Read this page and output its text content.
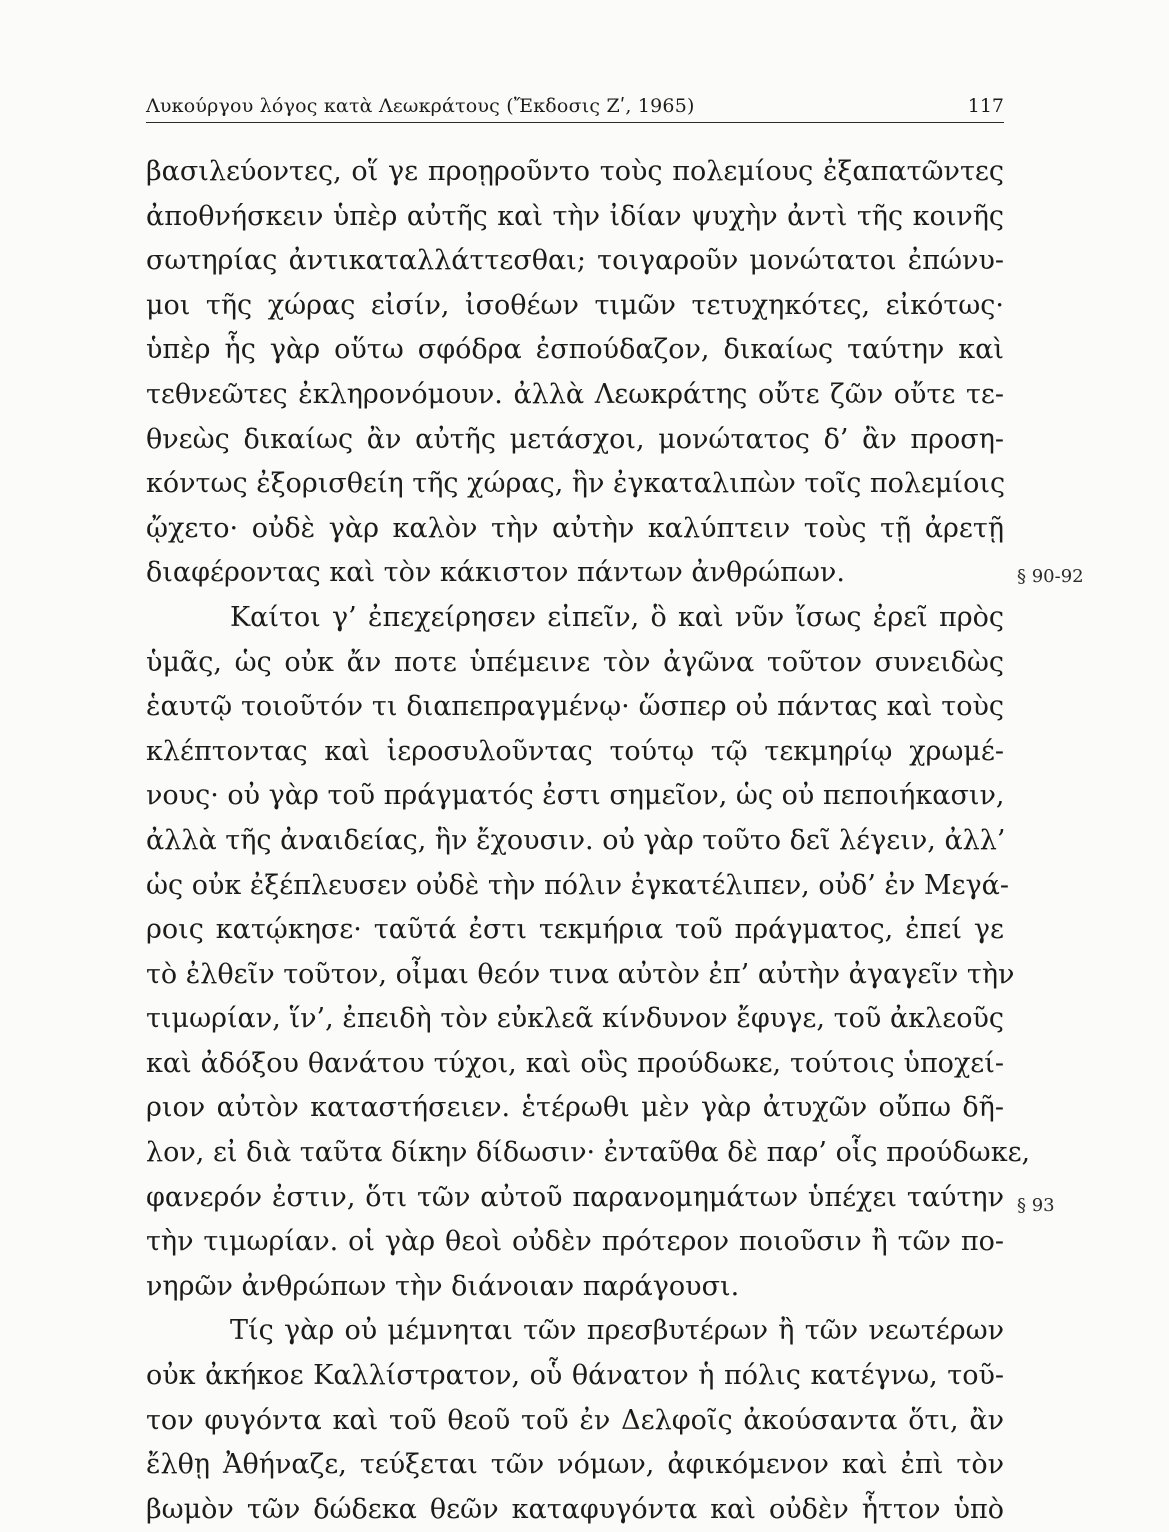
Λυκούργου λόγος κατὰ Λεωκράτους (Ἔκδοσις Ζʹ, 1965)	117
βασιλεύοντες, οἵ γε προῃροῦντο τοὺς πολεμίους ἐξαπατῶντες
ἀποθνήσκειν ὑπὲρ αὐτῆς καὶ τὴν ἰδίαν ψυχὴν ἀντὶ τῆς κοινῆς
σωτηρίας ἀντικαταλλάττεσθαι; τοιγαροῦν μονώτατοι ἐπώνυ-
μοι τῆς χώρας εἰσίν, ἰσοθέων τιμῶν τετυχηκότες, εἰκότως·
ὑπὲρ ἧς γὰρ οὕτω σφόδρα ἐσπούδαζον, δικαίως ταύτην καὶ
τεθνεῶτες ἐκληρονόμουν. ἀλλὰ Λεωκράτης οὔτε ζῶν οὔτε τε-
θνεὼς δικαίως ἂν αὐτῆς μετάσχοι, μονώτατος δ’ ἂν προση-
κόντως ἐξορισθείη τῆς χώρας, ἣν ἐγκαταλιπὼν τοῖς πολεμίοις
ᾤχετο· οὐδὲ γὰρ καλὸν τὴν αὐτὴν καλύπτειν τοὺς τῇ ἀρετῇ
διαφέροντας καὶ τὸν κάκιστον πάντων ἀνθρώπων.
Καίτοι γ’ ἐπεχείρησεν εἰπεῖν, ὃ καὶ νῦν ἴσως ἐρεῖ πρὸς
ὑμᾶς, ὡς οὐκ ἄν ποτε ὑπέμεινε τὸν ἀγῶνα τοῦτον συνειδὼς
ἑαυτῷ τοιοῦτόν τι διαπεπραγμένῳ· ὥσπερ οὐ πάντας καὶ τοὺς
κλέπτοντας καὶ ἱεροσυλοῦντας τούτῳ τῷ τεκμηρίῳ χρωμέ-
νους· οὐ γὰρ τοῦ πράγματός ἐστι σημεῖον, ὡς οὐ πεποιήκασιν,
ἀλλὰ τῆς ἀναιδείας, ἣν ἔχουσιν. οὐ γὰρ τοῦτο δεῖ λέγειν, ἀλλ’
ὡς οὐκ ἐξέπλευσεν οὐδὲ τὴν πόλιν ἐγκατέλιπεν, οὐδ’ ἐν Μεγά-
ροις κατῴκησε· ταῦτά ἐστι τεκμήρια τοῦ πράγματος, ἐπεί γε
τὸ ἐλθεῖν τοῦτον, οἶμαι θεόν τινα αὐτὸν ἐπ’ αὐτὴν ἀγαγεῖν τὴν
τιμωρίαν, ἵν’, ἐπειδὴ τὸν εὐκλεᾶ κίνδυνον ἔφυγε, τοῦ ἀκλεοῦς
καὶ ἀδόξου θανάτου τύχοι, καὶ οὓς προύδωκε, τούτοις ὑποχεί-
ριον αὐτὸν καταστήσειεν. ἑτέρωθι μὲν γὰρ ἀτυχῶν οὔπω δῆ-
λον, εἰ διὰ ταῦτα δίκην δίδωσιν· ἐνταῦθα δὲ παρ’ οἷς προύδωκε,
φανερόν ἐστιν, ὅτι τῶν αὐτοῦ παρανομημάτων ὑπέχει ταύτην
τὴν τιμωρίαν. οἱ γὰρ θεοὶ οὐδὲν πρότερον ποιοῦσιν ἢ τῶν πο-
νηρῶν ἀνθρώπων τὴν διάνοιαν παράγουσι.
Τίς γὰρ οὐ μέμνηται τῶν πρεσβυτέρων ἢ τῶν νεωτέρων
οὐκ ἀκήκοε Καλλίστρατον, οὗ θάνατον ἡ πόλις κατέγνω, τοῦ-
τον φυγόντα καὶ τοῦ θεοῦ τοῦ ἐν Δελφοῖς ἀκούσαντα ὅτι, ἂν
ἔλθῃ Ἀθήναζε, τεύξεται τῶν νόμων, ἀφικόμενον καὶ ἐπὶ τὸν
βωμὸν τῶν δώδεκα θεῶν καταφυγόντα καὶ οὐδὲν ἧττον ὑπὸ
§ 90-92
§ 93
